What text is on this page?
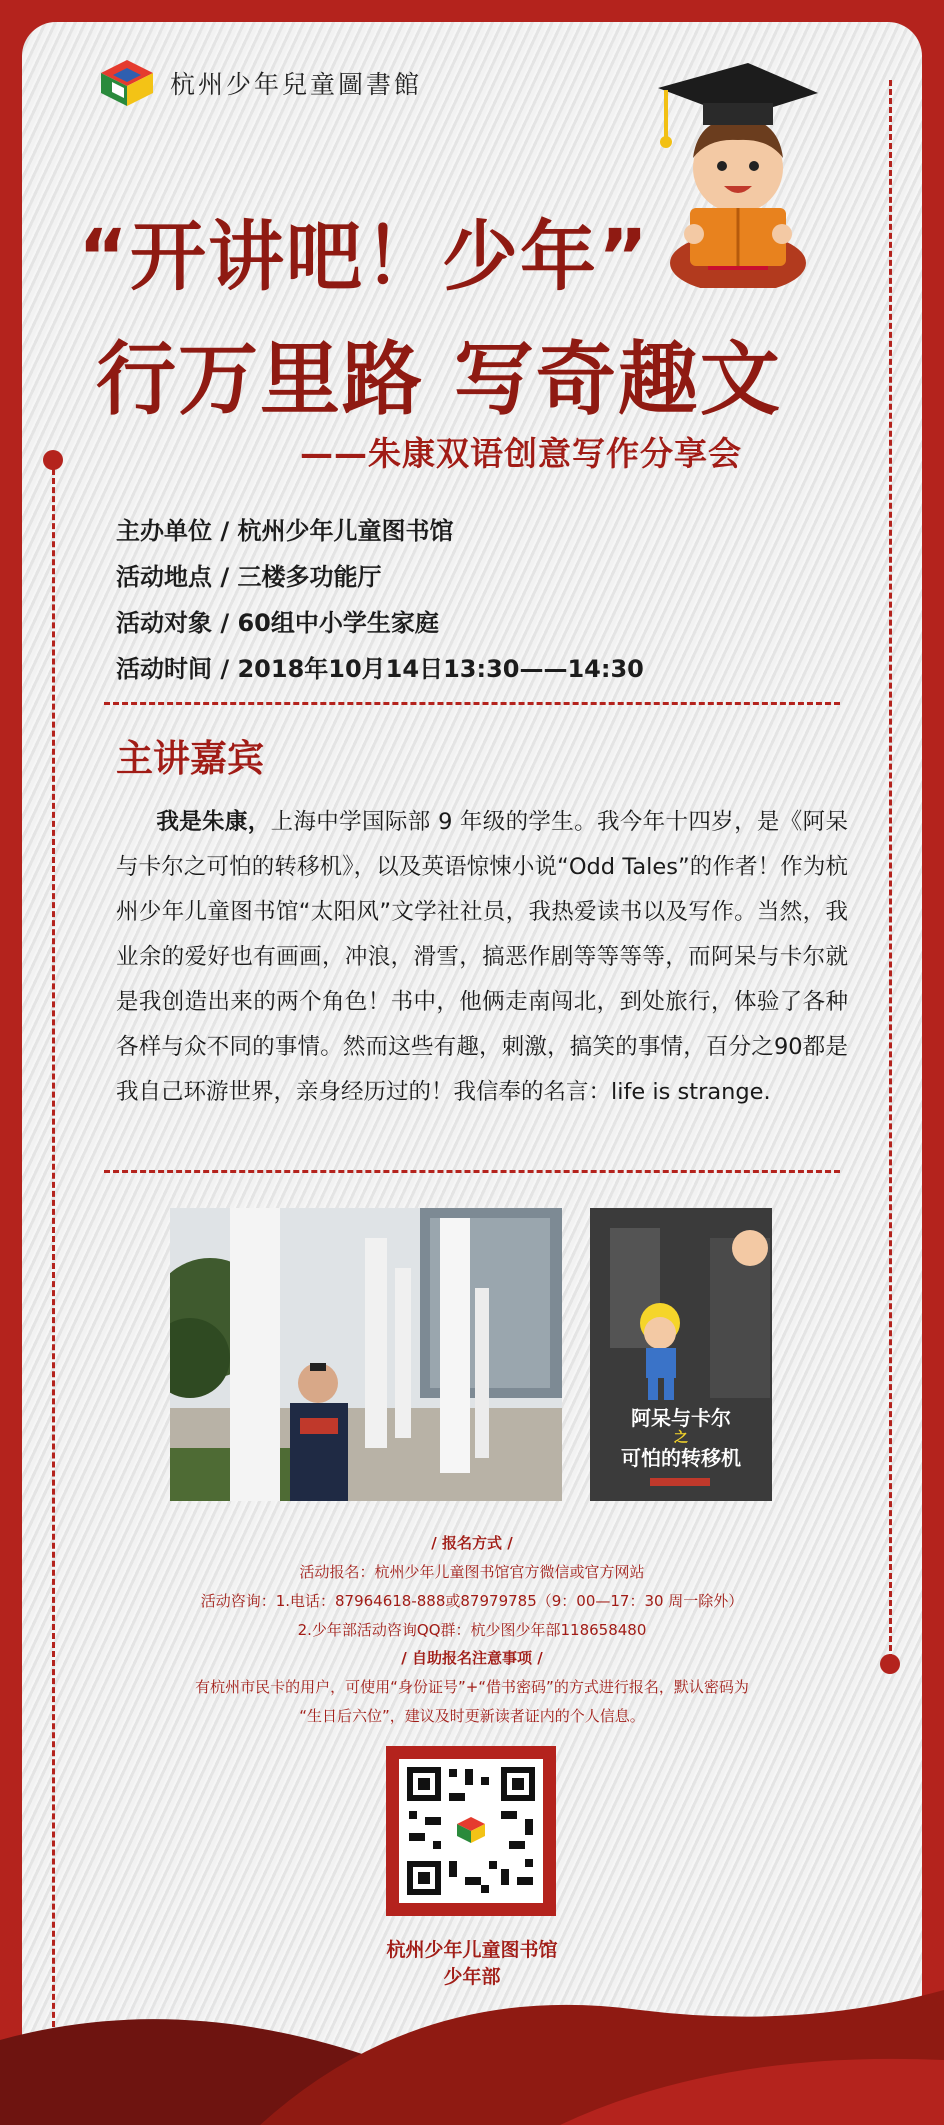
杭州少年兒童圖書館
“开讲吧！少年”
行万里路 写奇趣文
——朱康双语创意写作分享会
主办单位 / 杭州少年儿童图书馆
活动地点 / 三楼多功能厅
活动对象 / 60组中小学生家庭
活动时间 / 2018年10月14日13:30——14:30
主讲嘉宾
我是朱康，上海中学国际部 9 年级的学生。我今年十四岁，是《阿呆与卡尔之可怕的转移机》，以及英语惊悚小说“Odd Tales”的作者！作为杭州少年儿童图书馆“太阳风”文学社社员，我热爱读书以及写作。当然，我业余的爱好也有画画，冲浪，滑雪，搞恶作剧等等等等，而阿呆与卡尔就是我创造出来的两个角色！书中，他俩走南闯北，到处旅行，体验了各种各样与众不同的事情。然而这些有趣，刺激，搞笑的事情，百分之90都是我自己环游世界，亲身经历过的！我信奉的名言：life is strange.
阿呆与卡尔
之
可怕的转移机
/ 报名方式 /
活动报名：杭州少年儿童图书馆官方微信或官方网站
活动咨询：1.电话：87964618-888或87979785（9：00—17：30 周一除外）
2.少年部活动咨询QQ群：杭少图少年部118658480
/ 自助报名注意事项 /
有杭州市民卡的用户，可使用“身份证号”+“借书密码”的方式进行报名，默认密码为
“生日后六位”，建议及时更新读者证内的个人信息。
杭州少年儿童图书馆
少年部
